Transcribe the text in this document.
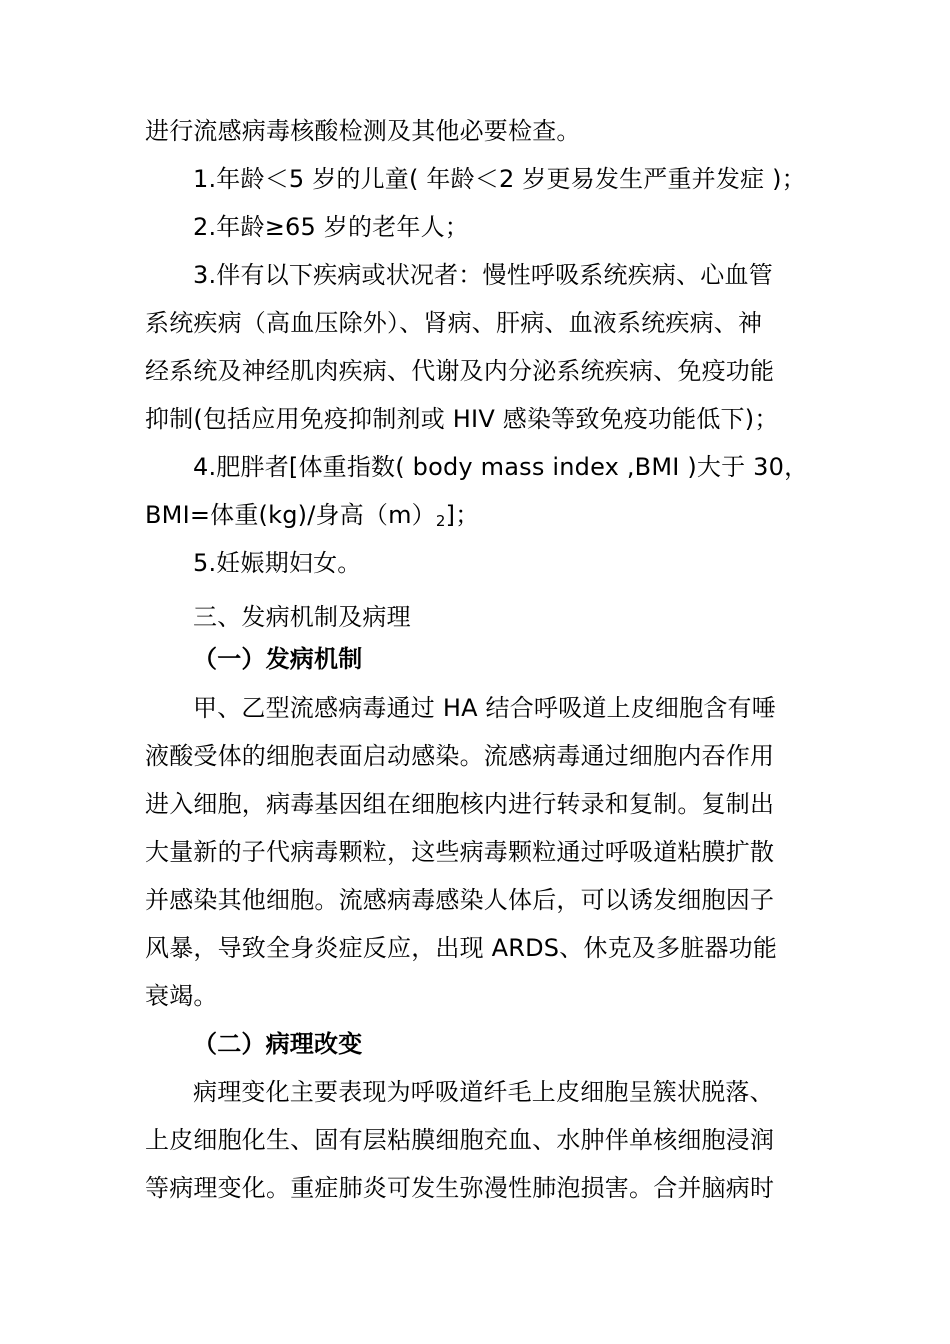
进行流感病毒核酸检测及其他必要检查。
1.年龄＜5 岁的儿童( 年龄＜2 岁更易发生严重并发症 )；
2.年龄≥65 岁的老年人；
3.伴有以下疾病或状况者：慢性呼吸系统疾病、心血管
系统疾病（高血压除外）、肾病、肝病、血液系统疾病、神
经系统及神经肌肉疾病、代谢及内分泌系统疾病、免疫功能
抑制(包括应用免疫抑制剂或 HIV 感染等致免疫功能低下)；
4.肥胖者[体重指数( body mass index ,BMI )大于 30，
BMI=体重(kg)/身高$(m)_2$]；
5.妊娠期妇女。
三、发病机制及病理
（一）发病机制
甲、乙型流感病毒通过 HA 结合呼吸道上皮细胞含有唾
液酸受体的细胞表面启动感染。流感病毒通过细胞内吞作用
进入细胞，病毒基因组在细胞核内进行转录和复制。复制出
大量新的子代病毒颗粒，这些病毒颗粒通过呼吸道粘膜扩散
并感染其他细胞。流感病毒感染人体后，可以诱发细胞因子
风暴，导致全身炎症反应，出现 ARDS、休克及多脏器功能
衰竭。
（二）病理改变
病理变化主要表现为呼吸道纤毛上皮细胞呈簇状脱落、
上皮细胞化生、固有层粘膜细胞充血、水肿伴单核细胞浸润
等病理变化。重症肺炎可发生弥漫性肺泡损害。合并脑病时
